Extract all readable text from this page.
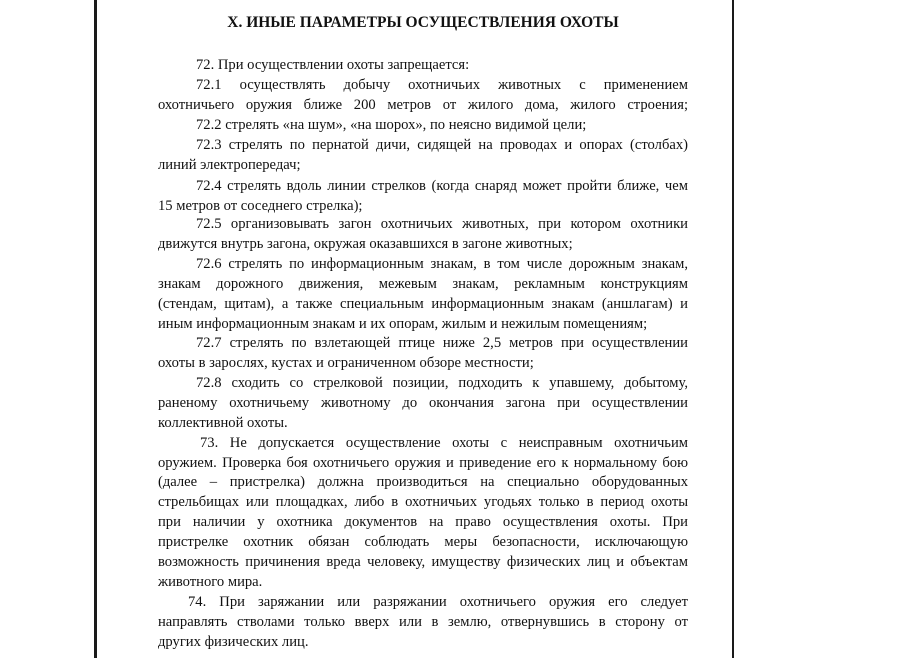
X. ИНЫЕ ПАРАМЕТРЫ ОСУЩЕСТВЛЕНИЯ ОХОТЫ
72. При осуществлении охоты запрещается:
72.1 осуществлять добычу охотничьих животных с применением
охотничьего оружия ближе 200 метров от жилого дома, жилого строения;
72.2 стрелять «на шум», «на шорох», по неясно видимой цели;
72.3 стрелять по пернатой дичи, сидящей на проводах и опорах (столбах)
линий электропередач;
72.4 стрелять вдоль линии стрелков (когда снаряд может пройти ближе, чем
15 метров от соседнего стрелка);
72.5 организовывать загон охотничьих животных, при котором охотники
движутся внутрь загона, окружая оказавшихся в загоне животных;
72.6 стрелять по информационным знакам, в том числе дорожным знакам,
знакам дорожного движения, межевым знакам, рекламным конструкциям
(стендам, щитам), а также специальным информационным знакам (аншлагам) и
иным информационным знакам и их опорам, жилым и нежилым помещениям;
72.7 стрелять по взлетающей птице ниже 2,5 метров при осуществлении
охоты в зарослях, кустах и ограниченном обзоре местности;
72.8 сходить со стрелковой позиции, подходить к упавшему, добытому,
раненому охотничьему животному до окончания загона при осуществлении
коллективной охоты.
73. Не допускается осуществление охоты с неисправным охотничьим
оружием. Проверка боя охотничьего оружия и приведение его к нормальному бою
(далее – пристрелка) должна производиться на специально оборудованных
стрельбищах или площадках, либо в охотничьих угодьях только в период охоты
при наличии у охотника документов на право осуществления охоты. При
пристрелке охотник обязан соблюдать меры безопасности, исключающую
возможность причинения вреда человеку, имуществу физических лиц и объектам
животного мира.
74. При заряжании или разряжании охотничьего оружия его следует
направлять стволами только вверх или в землю, отвернувшись в сторону от
других физических лиц.
